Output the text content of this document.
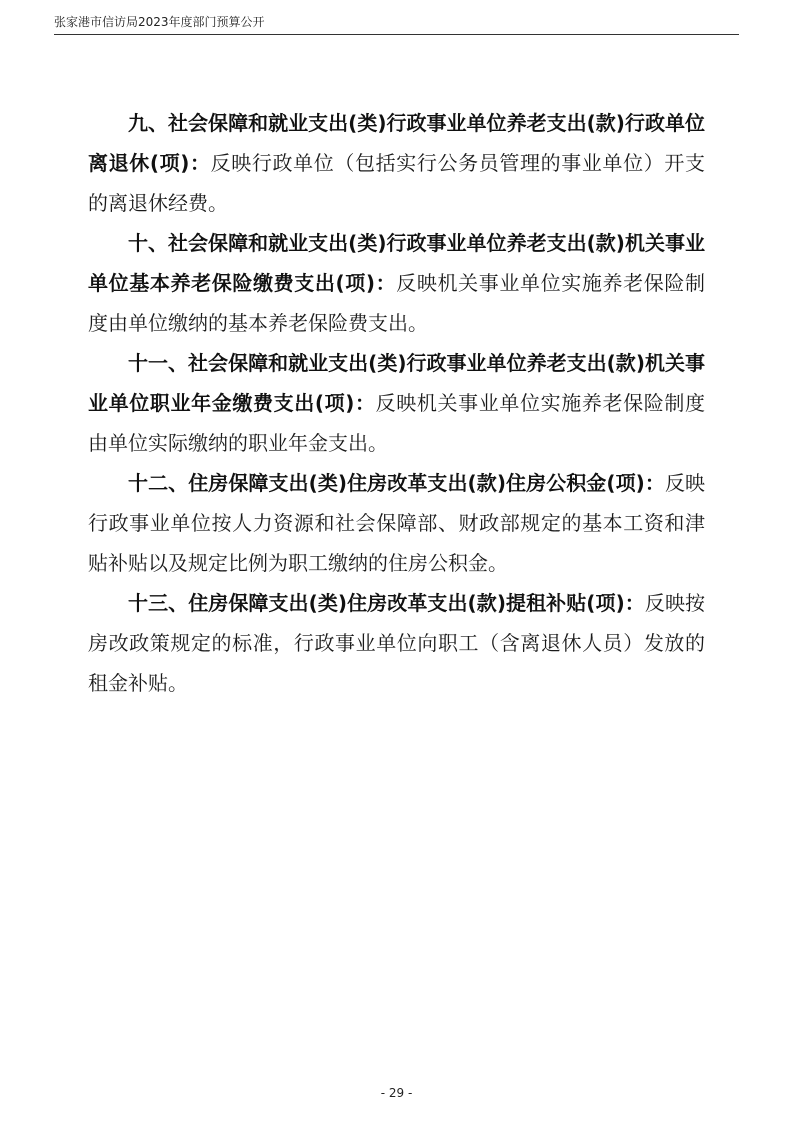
张家港市信访局2023年度部门预算公开

九、社会保障和就业支出(类)行政事业单位养老支出(款)行政单位离退休(项)：反映行政单位（包括实行公务员管理的事业单位）开支的离退休经费。

十、社会保障和就业支出(类)行政事业单位养老支出(款)机关事业单位基本养老保险缴费支出(项)：反映机关事业单位实施养老保险制度由单位缴纳的基本养老保险费支出。

十一、社会保障和就业支出(类)行政事业单位养老支出(款)机关事业单位职业年金缴费支出(项)：反映机关事业单位实施养老保险制度由单位实际缴纳的职业年金支出。

十二、住房保障支出(类)住房改革支出(款)住房公积金(项)：反映行政事业单位按人力资源和社会保障部、财政部规定的基本工资和津贴补贴以及规定比例为职工缴纳的住房公积金。

十三、住房保障支出(类)住房改革支出(款)提租补贴(项)：反映按房改政策规定的标准，行政事业单位向职工（含离退休人员）发放的租金补贴。

- 29 -
